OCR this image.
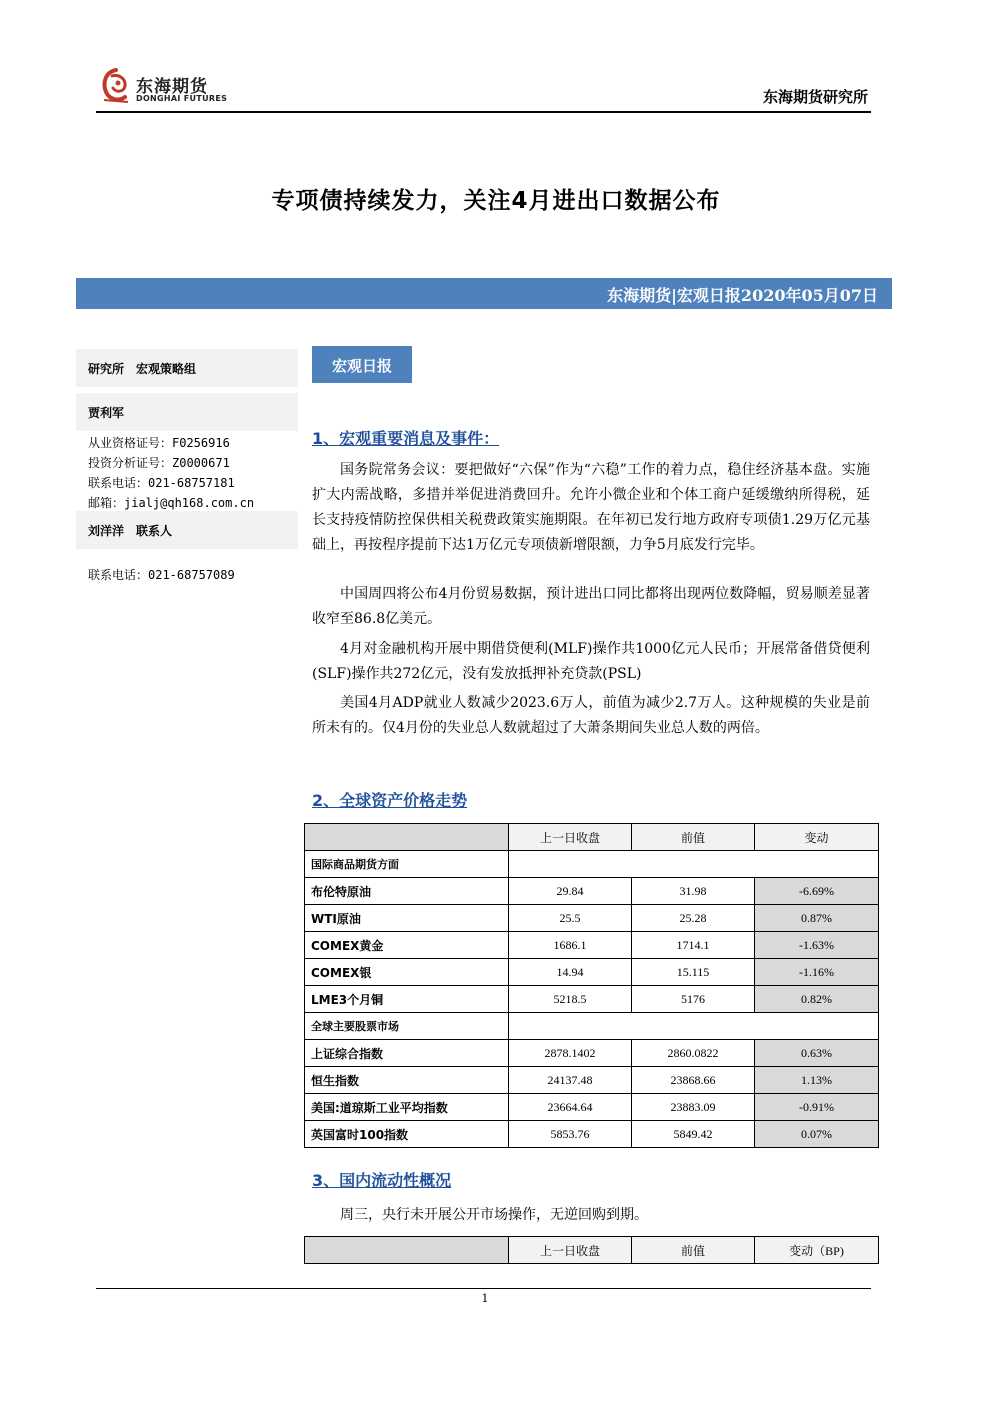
东海期货
DONGHAI FUTURES	东海期货研究所
专项债持续发力，关注4月进出口数据公布
东海期货|宏观日报2020年05月07日
研究所　宏观策略组
贾利军
从业资格证号：F0256916
投资分析证号：Z0000671
联系电话：021-68757181
邮箱：jialj@qh168.com.cn
刘洋洋　联系人
联系电话：021-68757089
宏观日报
1、宏观重要消息及事件：
国务院常务会议：要把做好“六保”作为“六稳”工作的着力点，稳住经济基本盘。实施扩大内需战略，多措并举促进消费回升。允许小微企业和个体工商户延缓缴纳所得税，延长支持疫情防控保供相关税费政策实施期限。在年初已发行地方政府专项债1.29万亿元基础上，再按程序提前下达1万亿元专项债新增限额，力争5月底发行完毕。
中国周四将公布4月份贸易数据，预计进出口同比都将出现两位数降幅，贸易顺差显著收窄至86.8亿美元。
4月对金融机构开展中期借贷便利(MLF)操作共1000亿元人民币；开展常备借贷便利(SLF)操作共272亿元，没有发放抵押补充贷款(PSL)
美国4月ADP就业人数减少2023.6万人，前值为减少2.7万人。这种规模的失业是前所未有的。仅4月份的失业总人数就超过了大萧条期间失业总人数的两倍。
2、全球资产价格走势
	上一日收盘	前值	变动
国际商品期货方面			
布伦特原油	29.84	31.98	-6.69%
WTI原油	25.5	25.28	0.87%
COMEX黄金	1686.1	1714.1	-1.63%
COMEX银	14.94	15.115	-1.16%
LME3个月铜	5218.5	5176	0.82%
全球主要股票市场			
上证综合指数	2878.1402	2860.0822	0.63%
恒生指数	24137.48	23868.66	1.13%
美国:道琼斯工业平均指数	23664.64	23883.09	-0.91%
英国富时100指数	5853.76	5849.42	0.07%
3、国内流动性概况
周三，央行未开展公开市场操作，无逆回购到期。
	上一日收盘	前值	变动（BP)
1
